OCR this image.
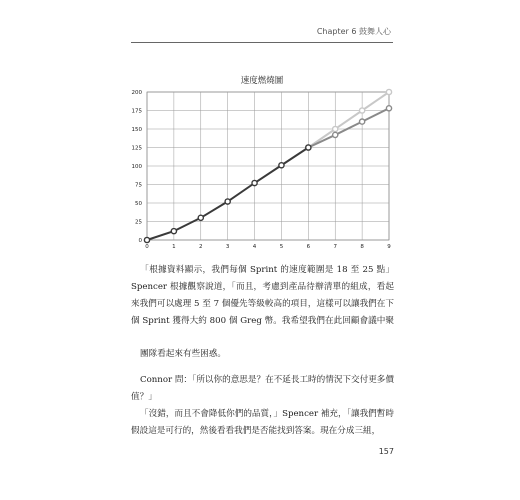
Chapter 6 鼓舞人心
速度燃燒圖
0
25
50
75
100
125
150
175
200
0	1	2	3	4	5	6	7	8	9
「根據資料顯示，我們每個 Sprint 的速度範圍是 18 至 25 點」Spencer 根據觀察說道，「而且，考慮到產品待辦清單的組成，看起來我們可以處理 5 至 7 個優先等級較高的項目，這樣可以讓我們在下個 Sprint 獲得大約 800 個 Greg 幣。我希望我們在此回顧會議中聚
團隊看起來有些困惑。
Connor 問：「所以你的意思是？在不延長工時的情況下交付更多價值？」
「沒錯，而且不會降低你們的品質，」Spencer 補充，「讓我們暫時假設這是可行的，然後看看我們是否能找到答案。現在分成三組，
157
